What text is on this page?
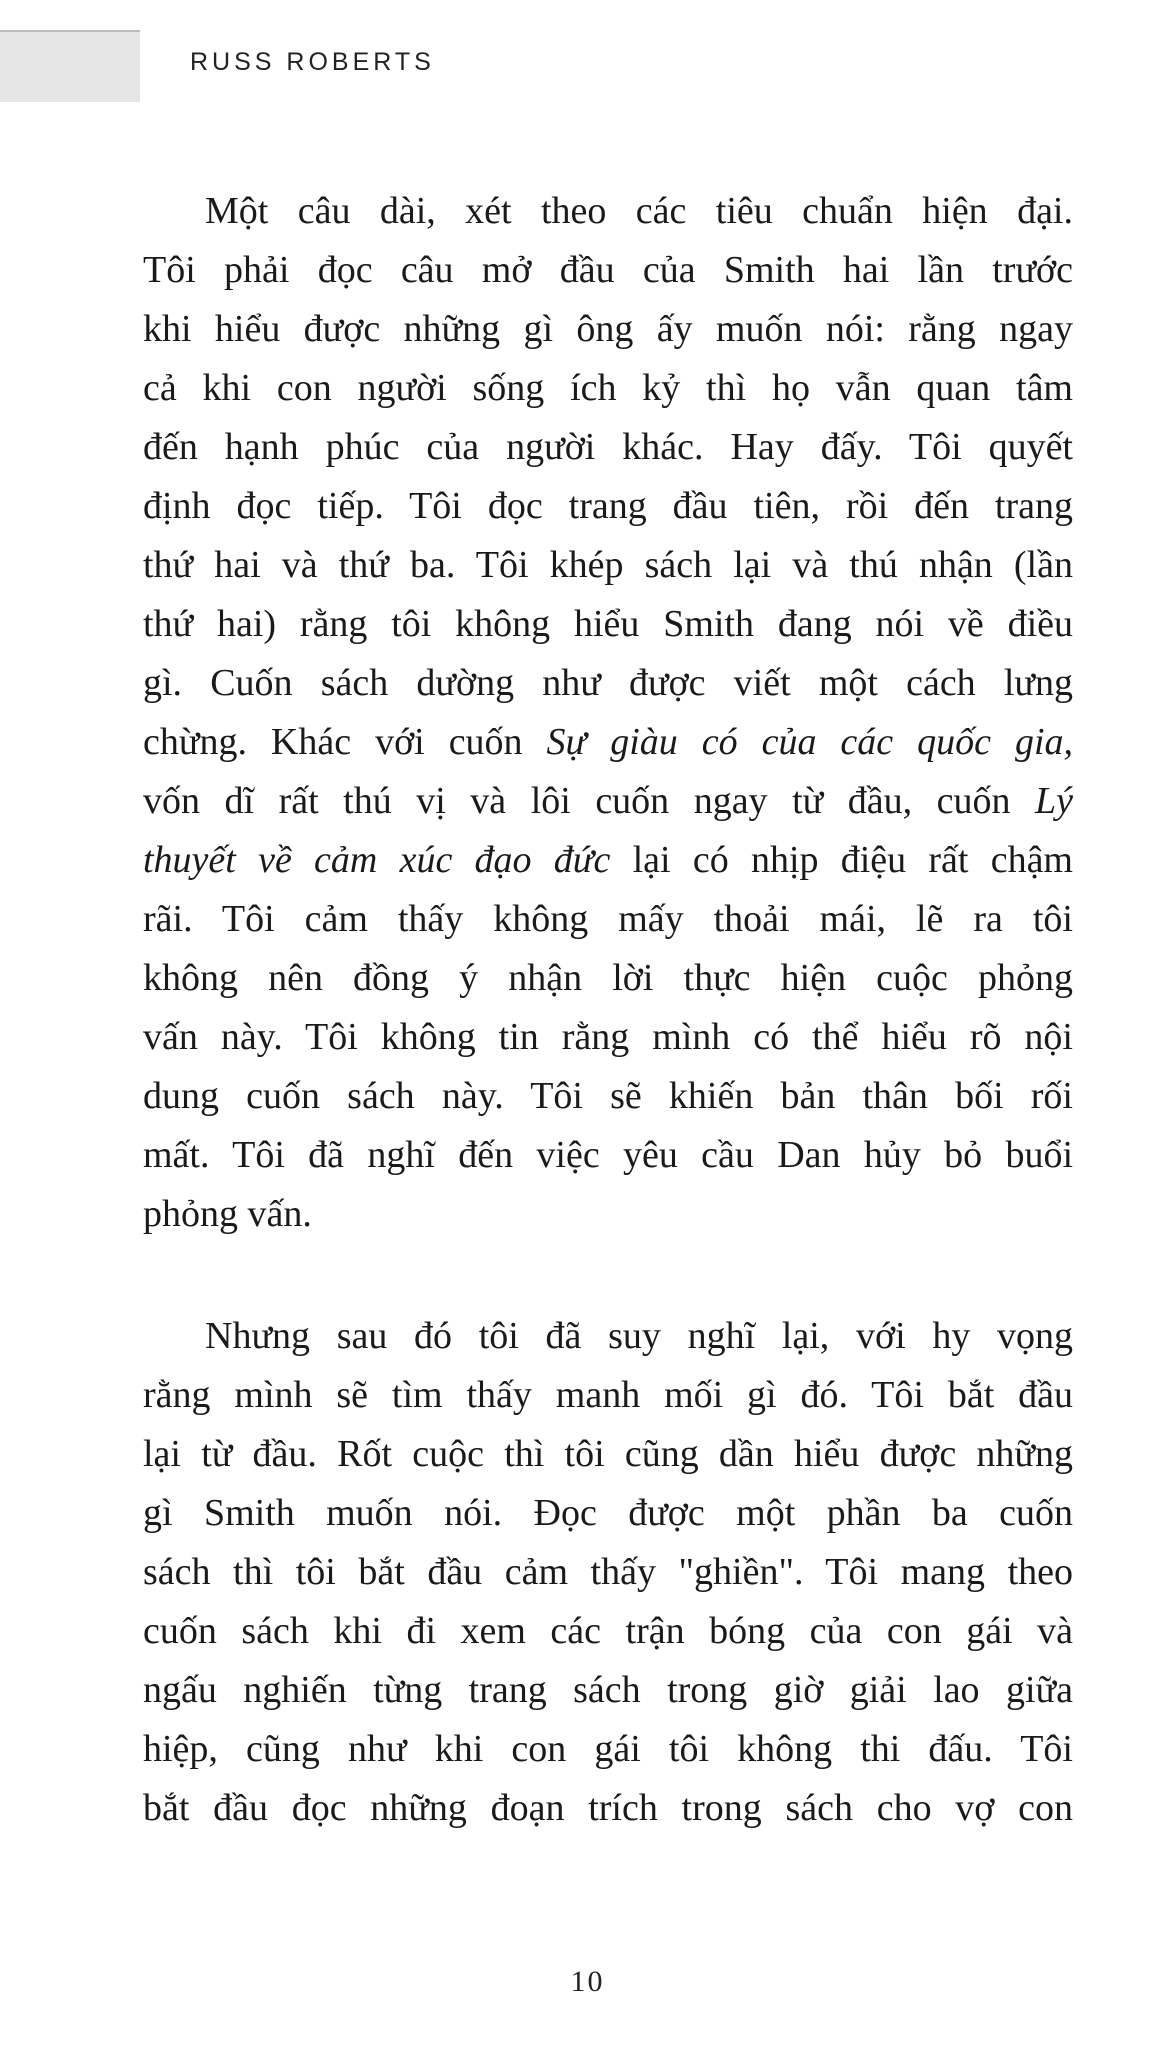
RUSS ROBERTS
Một câu dài, xét theo các tiêu chuẩn hiện đại.
Tôi phải đọc câu mở đầu của Smith hai lần trước
khi hiểu được những gì ông ấy muốn nói: rằng ngay
cả khi con người sống ích kỷ thì họ vẫn quan tâm
đến hạnh phúc của người khác. Hay đấy. Tôi quyết
định đọc tiếp. Tôi đọc trang đầu tiên, rồi đến trang
thứ hai và thứ ba. Tôi khép sách lại và thú nhận (lần
thứ hai) rằng tôi không hiểu Smith đang nói về điều
gì. Cuốn sách dường như được viết một cách lưng
chừng. Khác với cuốn Sự giàu có của các quốc gia,
vốn dĩ rất thú vị và lôi cuốn ngay từ đầu, cuốn Lý
thuyết về cảm xúc đạo đức lại có nhịp điệu rất chậm
rãi. Tôi cảm thấy không mấy thoải mái, lẽ ra tôi
không nên đồng ý nhận lời thực hiện cuộc phỏng
vấn này. Tôi không tin rằng mình có thể hiểu rõ nội
dung cuốn sách này. Tôi sẽ khiến bản thân bối rối
mất. Tôi đã nghĩ đến việc yêu cầu Dan hủy bỏ buổi
phỏng vấn.
Nhưng sau đó tôi đã suy nghĩ lại, với hy vọng
rằng mình sẽ tìm thấy manh mối gì đó. Tôi bắt đầu
lại từ đầu. Rốt cuộc thì tôi cũng dần hiểu được những
gì Smith muốn nói. Đọc được một phần ba cuốn
sách thì tôi bắt đầu cảm thấy "ghiền". Tôi mang theo
cuốn sách khi đi xem các trận bóng của con gái và
ngấu nghiến từng trang sách trong giờ giải lao giữa
hiệp, cũng như khi con gái tôi không thi đấu. Tôi
bắt đầu đọc những đoạn trích trong sách cho vợ con
10
